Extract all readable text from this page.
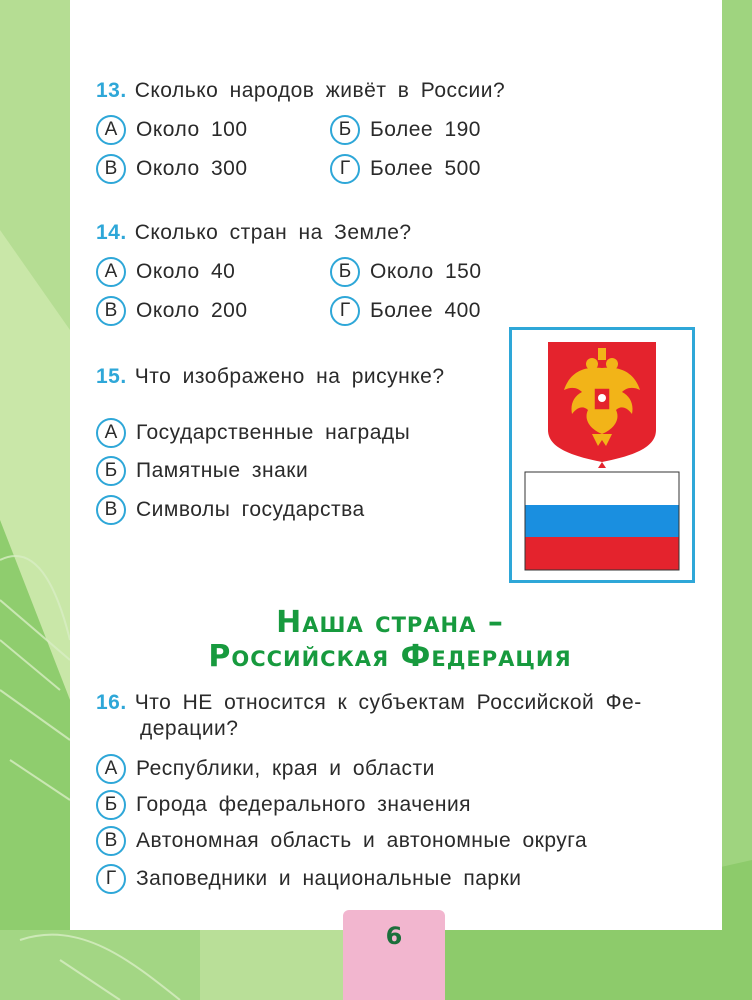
13. Сколько народов живёт в России?
А Около 100	Б Более 190
В Около 300	Г Более 500
14. Сколько стран на Земле?
А Около 40	Б Около 150
В Около 200	Г Более 400
15. Что изображено на рисунке?
А Государственные награды
Б Памятные знаки
В Символы государства
Наша страна –
Российская Федерация
16. Что НЕ относится к субъектам Российской Фе-
дерации?
А Республики, края и области
Б Города федерального значения
В Автономная область и автономные округа
Г Заповедники и национальные парки
6
